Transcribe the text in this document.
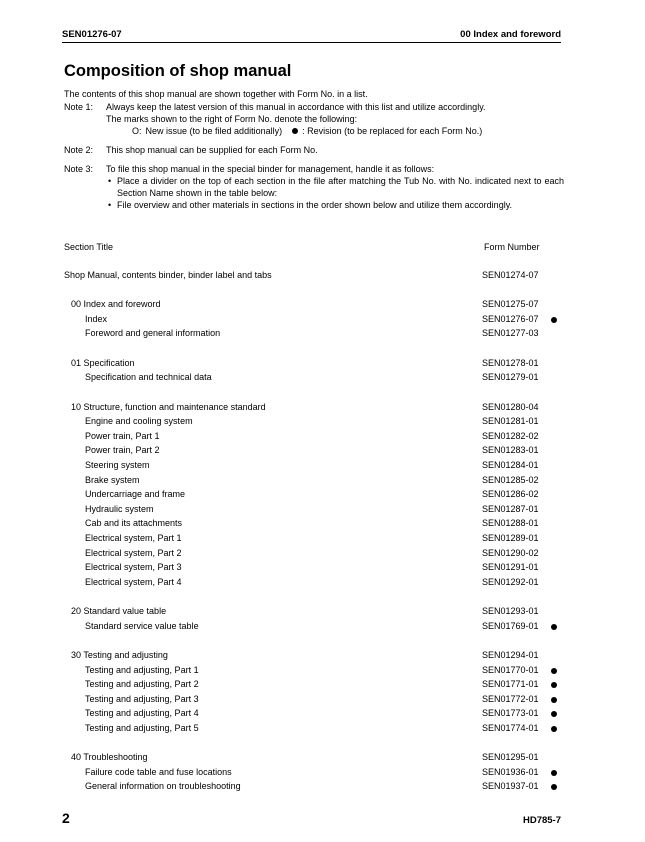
SEN01276-07	00 Index and foreword
Composition of shop manual

The contents of this shop manual are shown together with Form No. in a list.

Note 1:	Always keep the latest version of this manual in accordance with this list and utilize accordingly.

The marks shown to the right of Form No. denote the following:

O: New issue (to be filed additionally) : Revision (to be replaced for each Form No.)

Note 2:	This shop manual can be supplied for each Form No.

Note 3:	To file this shop manual in the special binder for management, handle it as follows:

• Place a divider on the top of each section in the file after matching the Tub No. with No. indicated next to each Section Name shown in the table below:
• File overview and other materials in sections in the order shown below and utilize them accordingly.
Section Title	Form Number
Shop Manual, contents binder, binder label and tabs	SEN01274-07
00 Index and foreword	SEN01275-07
Index	SEN01276-07
Foreword and general information	SEN01277-03
01 Specification	SEN01278-01
Specification and technical data	SEN01279-01
10 Structure, function and maintenance standard	SEN01280-04
Engine and cooling system	SEN01281-01
Power train, Part 1	SEN01282-02
Power train, Part 2	SEN01283-01
Steering system	SEN01284-01
Brake system	SEN01285-02
Undercarriage and frame	SEN01286-02
Hydraulic system	SEN01287-01
Cab and its attachments	SEN01288-01
Electrical system, Part 1	SEN01289-01
Electrical system, Part 2	SEN01290-02
Electrical system, Part 3	SEN01291-01
Electrical system, Part 4	SEN01292-01
20 Standard value table	SEN01293-01
Standard service value table	SEN01769-01
30 Testing and adjusting	SEN01294-01
Testing and adjusting, Part 1	SEN01770-01
Testing and adjusting, Part 2	SEN01771-01
Testing and adjusting, Part 3	SEN01772-01
Testing and adjusting, Part 4	SEN01773-01
Testing and adjusting, Part 5	SEN01774-01
40 Troubleshooting	SEN01295-01
Failure code table and fuse locations	SEN01936-01
General information on troubleshooting	SEN01937-01
2	HD785-7
